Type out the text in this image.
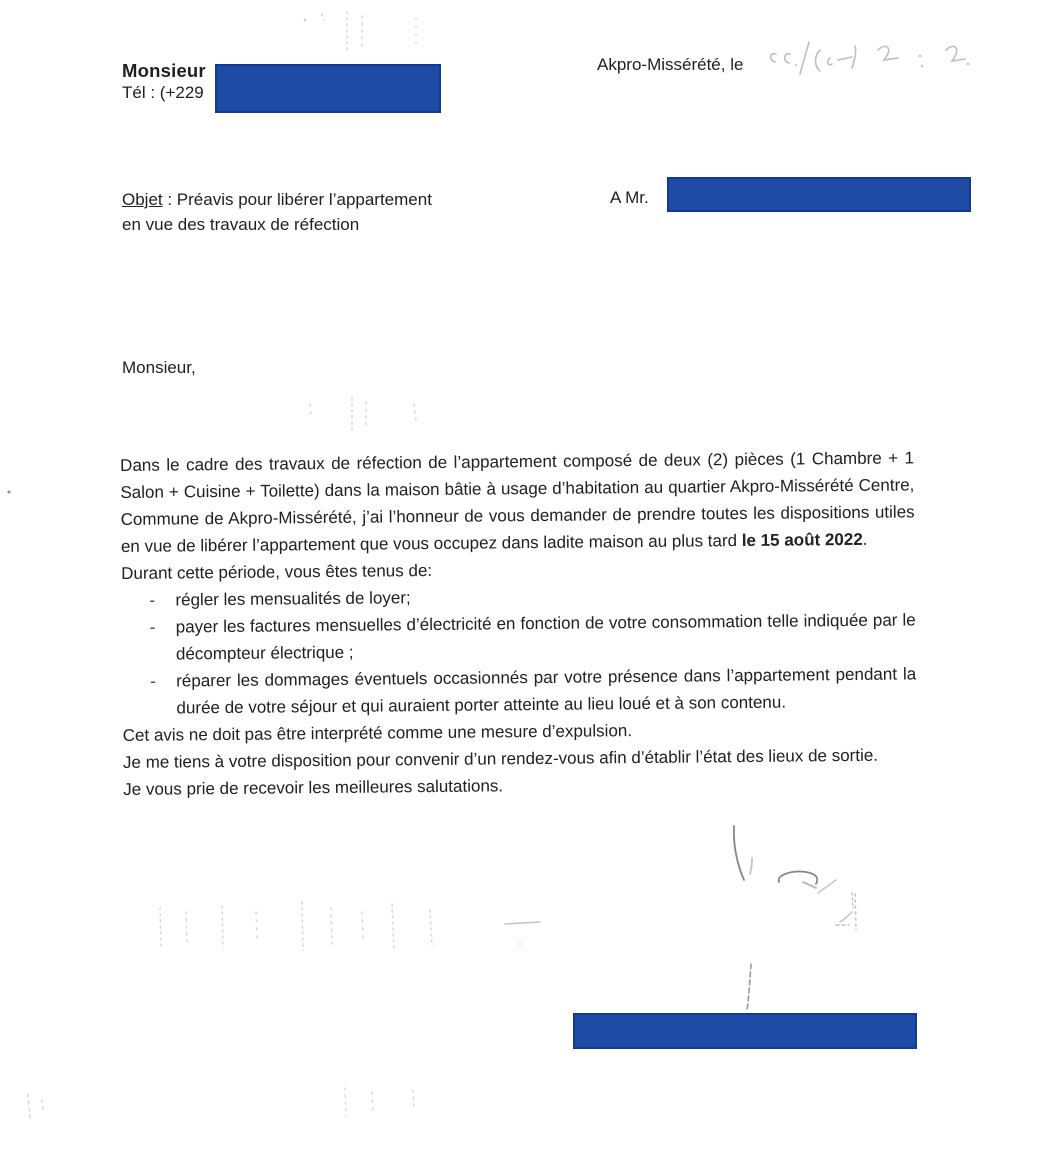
Monsieur
Tél : (+229
Akpro-Missérété, le
Objet : Préavis pour libérer l’appartement
en vue des travaux de réfection
A Mr.
Monsieur,

Dans le cadre des travaux de réfection de l’appartement composé de deux (2) pièces (1 Chambre + 1 Salon + Cuisine + Toilette) dans la maison bâtie à usage d’habitation au quartier Akpro-Missérété Centre, Commune de Akpro-Missérété, j’ai l’honneur de vous demander de prendre toutes les dispositions utiles en vue de libérer l’appartement que vous occupez dans ladite maison au plus tard le 15 août 2022.

Durant cette période, vous êtes tenus de:

- régler les mensualités de loyer;
- payer les factures mensuelles d’électricité en fonction de votre consommation telle indiquée par le décompteur électrique ;
- réparer les dommages éventuels occasionnés par votre présence dans l’appartement pendant la durée de votre séjour et qui auraient porter atteinte au lieu loué et à son contenu.

Cet avis ne doit pas être interprété comme une mesure d’expulsion.

Je me tiens à votre disposition pour convenir d’un rendez-vous afin d’établir l’état des lieux de sortie.

Je vous prie de recevoir les meilleures salutations.
